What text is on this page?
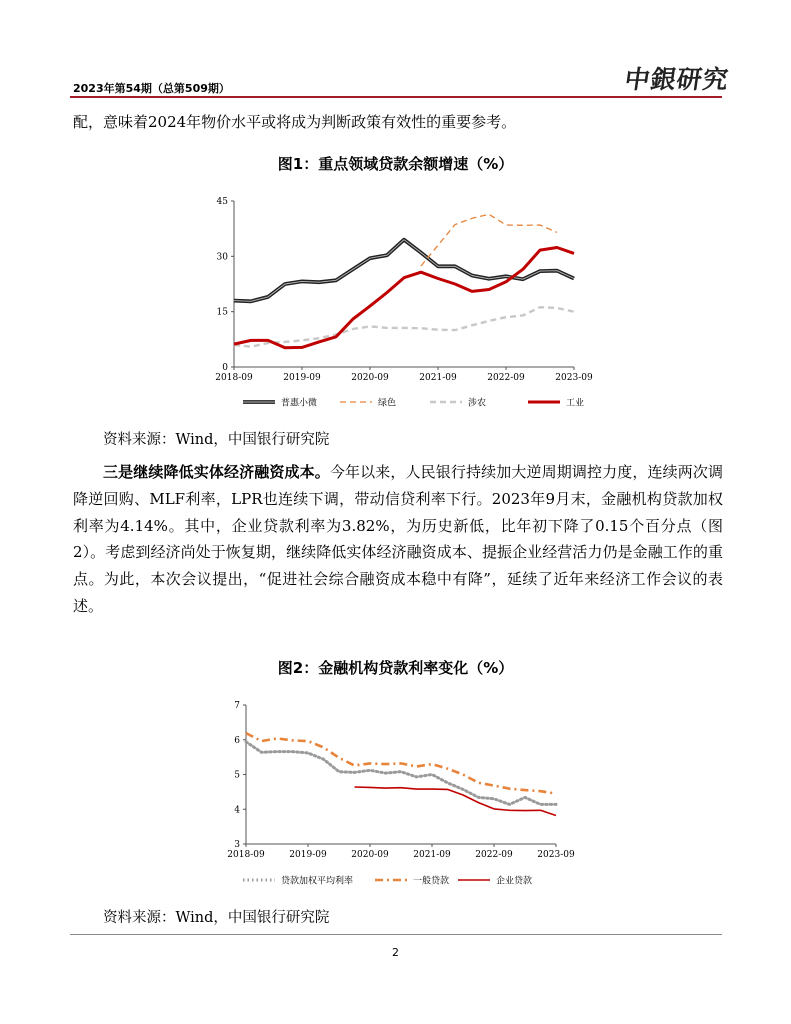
2023年第54期（总第509期）	中銀研究

配，意味着2024年物价水平或将成为判断政策有效性的重要参考。

图1：重点领域贷款余额增速（%）
0
15
30
45
2018-09	2019-09	2020-09	2021-09	2022-09	2023-09
普惠小微	绿色	涉农	工业
资料来源：Wind，中国银行研究院

三是继续降低实体经济融资成本。今年以来，人民银行持续加大逆周期调控力度，连续两次调降逆回购、MLF利率，LPR也连续下调，带动信贷利率下行。2023年9月末，金融机构贷款加权利率为4.14%。其中，企业贷款利率为3.82%，为历史新低，比年初下降了0.15个百分点（图2）。考虑到经济尚处于恢复期，继续降低实体经济融资成本、提振企业经营活力仍是金融工作的重点。为此，本次会议提出，“促进社会综合融资成本稳中有降”，延续了近年来经济工作会议的表述。

图2：金融机构贷款利率变化（%）
3
4
5
6
7
2018-09	2019-09	2020-09	2021-09	2022-09	2023-09
贷款加权平均利率	一般贷款	企业贷款
资料来源：Wind，中国银行研究院
2
